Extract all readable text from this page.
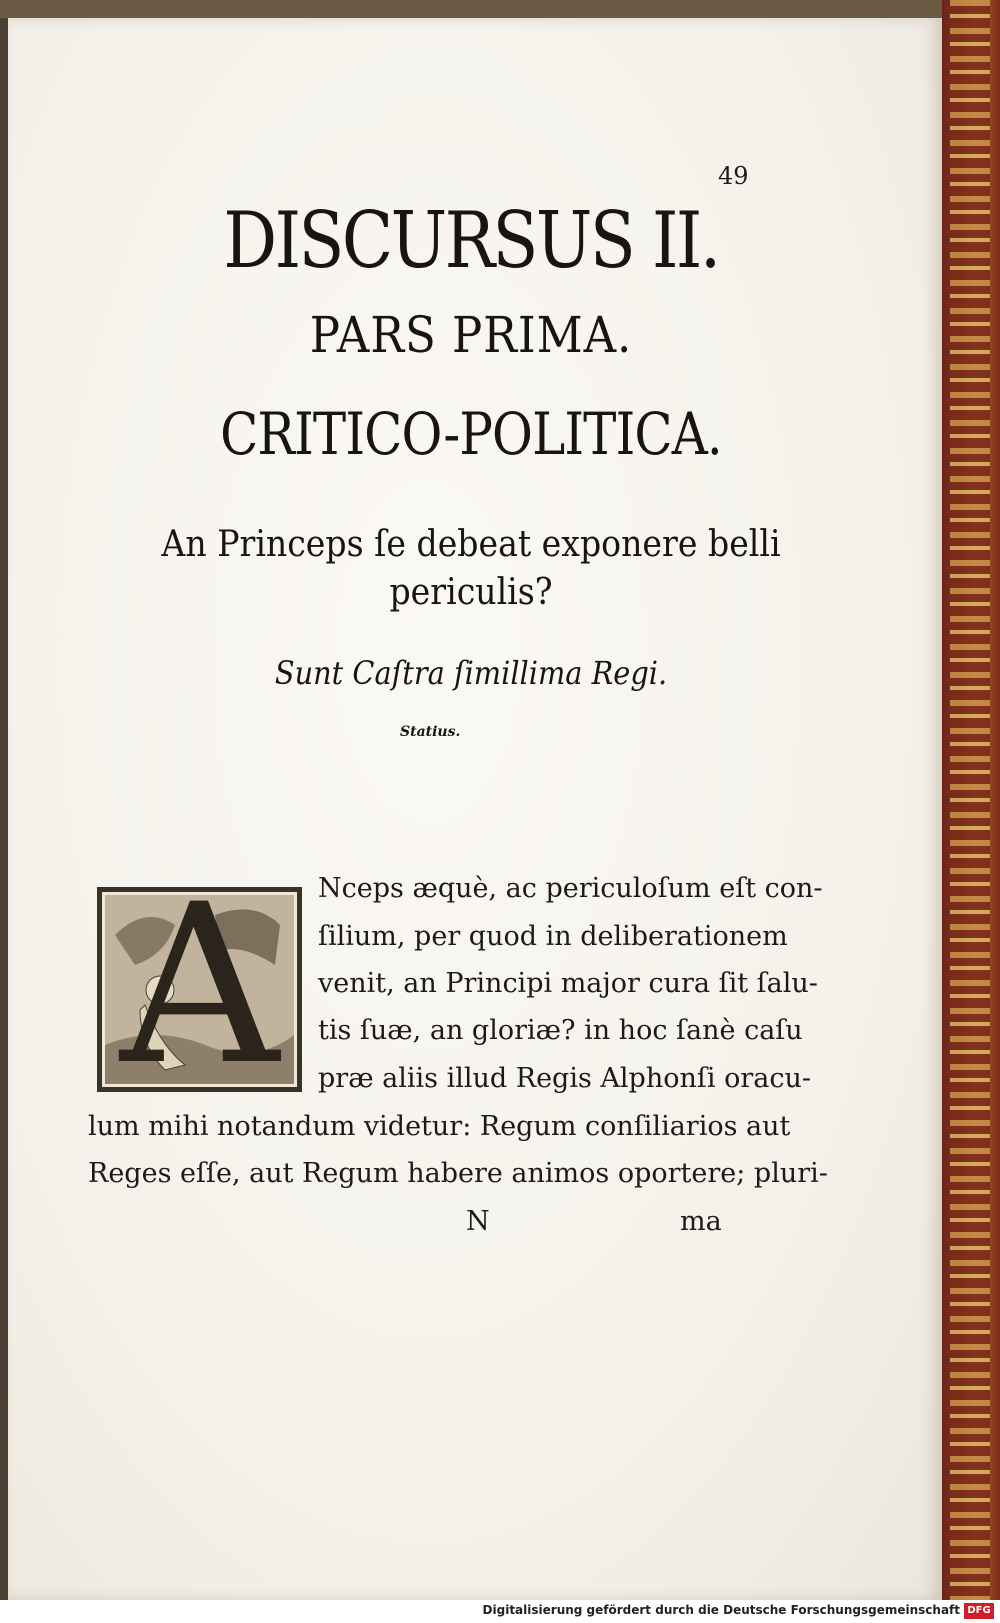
49
DISCURSUS II.
PARS PRIMA.
CRITICO-POLITICA.
An Princeps ſe debeat exponere belli
periculis?
Sunt Caſtra ſimillima Regi.
Statius.
A	Nceps æquè, ac periculoſum eſt con-
ſilium, per quod in deliberationem
venit, an Principi major cura ſit ſalu-
tis ſuæ, an gloriæ? in hoc ſanè caſu
præ aliis illud Regis Alphonſi oracu-
lum mihi notandum videtur: Regum conſiliarios aut
Reges eſſe, aut Regum habere animos oportere; pluri-
N	ma
Digitalisierung gefördert durch die Deutsche Forschungsgemeinschaft DFG
